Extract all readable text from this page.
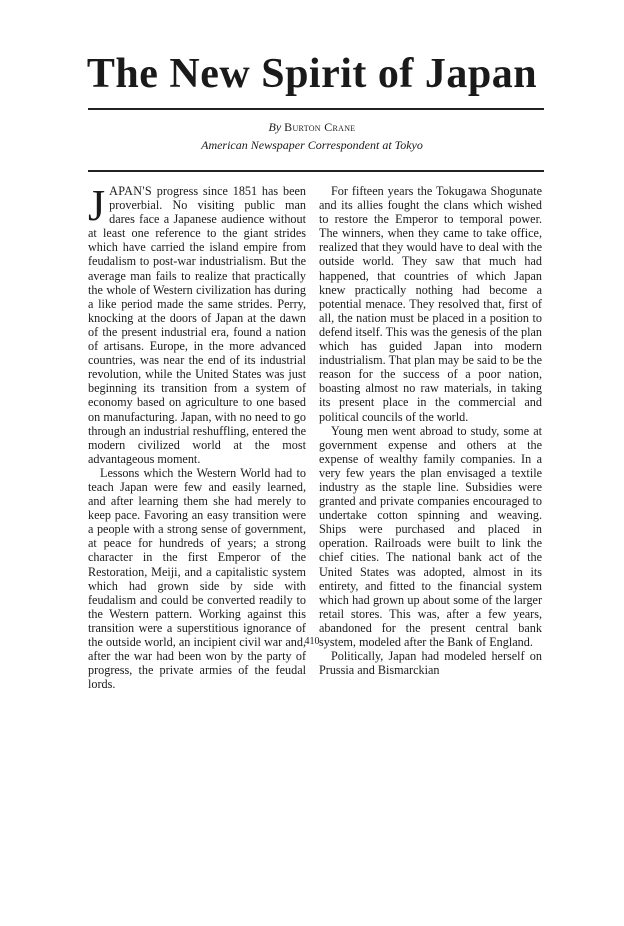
The New Spirit of Japan
By Burton Crane
American Newspaper Correspondent at Tokyo

JAPAN'S progress since 1851 has been proverbial. No visiting public man dares face a Japanese audience without at least one reference to the giant strides which have carried the island empire from feudalism to post-war industrialism. But the average man fails to realize that practically the whole of Western civilization has during a like period made the same strides. Perry, knocking at the doors of Japan at the dawn of the present industrial era, found a nation of artisans. Europe, in the more advanced countries, was near the end of its industrial revolution, while the United States was just beginning its transition from a system of economy based on agriculture to one based on manufacturing. Japan, with no need to go through an industrial reshuffling, entered the modern civilized world at the most advantageous moment.

Lessons which the Western World had to teach Japan were few and easily learned, and after learning them she had merely to keep pace. Favoring an easy transition were a people with a strong sense of government, at peace for hundreds of years; a strong character in the first Emperor of the Restoration, Meiji, and a capitalistic system which had grown side by side with feudalism and could be converted readily to the Western pattern. Working against this transition were a superstitious ignorance of the outside world, an incipient civil war and, after the war had been won by the party of progress, the private armies of the feudal lords.

For fifteen years the Tokugawa Shogunate and its allies fought the clans which wished to restore the Emperor to temporal power. The winners, when they came to take office, realized that they would have to deal with the outside world. They saw that much had happened, that countries of which Japan knew practically nothing had become a potential menace. They resolved that, first of all, the nation must be placed in a position to defend itself. This was the genesis of the plan which has guided Japan into modern industrialism. That plan may be said to be the reason for the success of a poor nation, boasting almost no raw materials, in taking its present place in the commercial and political councils of the world.

Young men went abroad to study, some at government expense and others at the expense of wealthy family companies. In a very few years the plan envisaged a textile industry as the staple line. Subsidies were granted and private companies encouraged to undertake cotton spinning and weaving. Ships were purchased and placed in operation. Railroads were built to link the chief cities. The national bank act of the United States was adopted, almost in its entirety, and fitted to the financial system which had grown up about some of the larger retail stores. This was, after a few years, abandoned for the present central bank system, modeled after the Bank of England.

Politically, Japan had modeled herself on Prussia and Bismarckian

410
